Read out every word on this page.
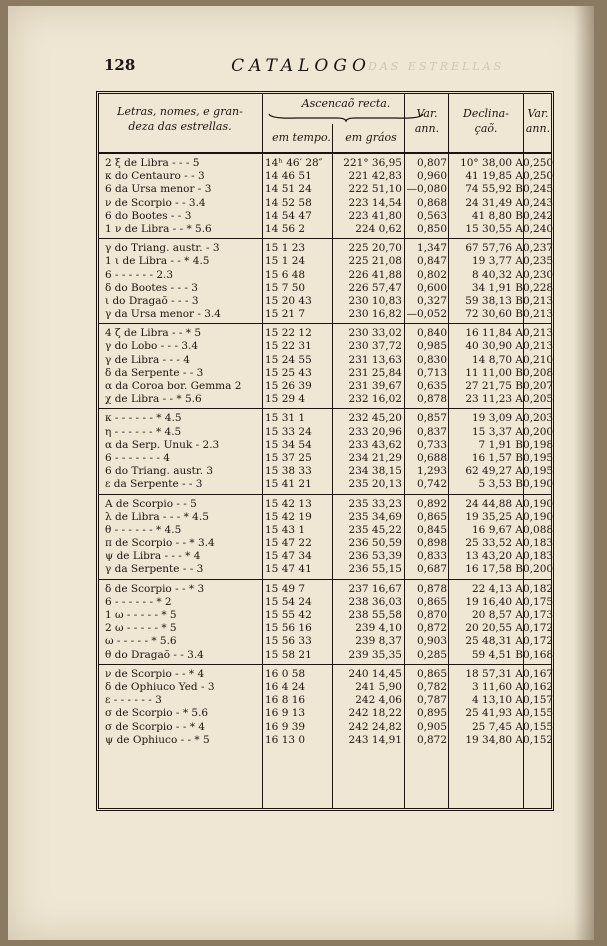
128	CATALOGO
DAS ESTRELLAS
Letras, nomes, e gran-
deza das estrellas.
Ascencaõ recta.
em tempo.	em gráos
Var.
ann.
Declina-
çaõ.
Var.
ann.
2 ξ de Libra - - - 5	14ʰ 46′ 28″	221° 36,95	0,807	10° 38,00 A 0,250
κ do Centauro - - 3	14 46 51	221 42,83	0,960	41 19,85 A 0,250
6 da Ursa menor - 3	14 51 24	222 51,10 —0,080	74 55,92 B 0,245
ν de Scorpio - - 3.4	14 52 58	223 14,54	0,868	24 31,49 A 0,243
6 do Bootes - - 3	14 54 47	223 41,80	0,563	41 8,80 B 0,242
1 ν de Libra - - * 5.6	14 56 2	224 0,62	0,850	15 30,55 A 0,240
γ do Triang. austr. - 3	15 1 23	225 20,70	1,347	67 57,76 A 0,237
1 ι de Libra - - * 4.5	15 1 24	225 21,08	0,847	19 3,77 A 0,235
6 - - - - - - 2.3	15 6 48	226 41,88	0,802	8 40,32 A 0,230
δ do Bootes - - - 3	15 7 50	226 57,47	0,600	34 1,91 B 0,228
ι do Dragaõ - - - 3	15 20 43	230 10,83	0,327	59 38,13 B 0,213
γ da Ursa menor - 3.4	15 21 7	230 16,82 —0,052	72 30,60 B 0,213
4 ζ de Libra - - * 5	15 22 12	230 33,02	0,840	16 11,84 A 0,213
γ do Lobo - - - 3.4	15 22 31	230 37,72	0,985	40 30,90 A 0,213
γ de Libra - - - 4	15 24 55	231 13,63	0,830	14 8,70 A 0,210
δ da Serpente - - 3	15 25 43	231 25,84	0,713	11 11,00 B 0,208
α da Coroa bor. Gemma 2	15 26 39	231 39,67	0,635	27 21,75 B 0,207
χ de Libra - - * 5.6	15 29 4	232 16,02	0,878	23 11,23 A 0,205
κ - - - - - - * 4.5	15 31 1	232 45,20	0,857	19 3,09 A 0,203
η - - - - - - * 4.5	15 33 24	233 20,96	0,837	15 3,37 A 0,200
α da Serp. Unuk - 2.3	15 34 54	233 43,62	0,733	7 1,91 B 0,198
6 - - - - - - - 4	15 37 25	234 21,29	0,688	16 1,57 B 0,195
6 do Triang. austr. 3	15 38 33	234 38,15	1,293	62 49,27 A 0,195
ε da Serpente - - 3	15 41 21	235 20,13	0,742	5 3,53 B 0,190
A de Scorpio - - 5	15 42 13	235 33,23	0,892	24 44,88 A 0,190
λ de Libra - - - * 4.5	15 42 19	235 34,69	0,865	19 35,25 A 0,190
θ - - - - - - * 4.5	15 43 1	235 45,22	0,845	16 9,67 A 0,088
π de Scorpio - - * 3.4	15 47 22	236 50,59	0,898	25 33,52 A 0,183
ψ de Libra - - - * 4	15 47 34	236 53,39	0,833	13 43,20 A 0,183
γ da Serpente - - 3	15 47 41	236 55,15	0,687	16 17,58 B 0,200
δ de Scorpio - - * 3	15 49 7	237 16,67	0,878	22 4,13 A 0,182
6 - - - - - - * 2	15 54 24	238 36,03	0,865	19 16,40 A 0,175
1 ω - - - - - * 5	15 55 42	238 55,58	0,870	20 8,57 A 0,173
2 ω - - - - - * 5	15 56 16	239 4,10	0,872	20 20,55 A 0,172
ω - - - - - * 5.6	15 56 33	239 8,37	0,903	25 48,31 A 0,172
θ do Dragaõ - - 3.4	15 58 21	239 35,35	0,285	59 4,51 B 0,168
ν de Scorpio - - * 4	16 0 58	240 14,45	0,865	18 57,31 A 0,167
δ de Ophiuco Yed - 3	16 4 24	241 5,90	0,782	3 11,60 A 0,162
ε - - - - - - 3	16 8 16	242 4,06	0,787	4 13,10 A 0,157
σ de Scorpio - * 5.6	16 9 13	242 18,22	0,895	25 41,93 A 0,155
σ de Scorpio - - * 4	16 9 39	242 24,82	0,905	25 7,45 A 0,155
ψ de Ophiuco - - * 5	16 13 0	243 14,91	0,872	19 34,80 A 0,152
